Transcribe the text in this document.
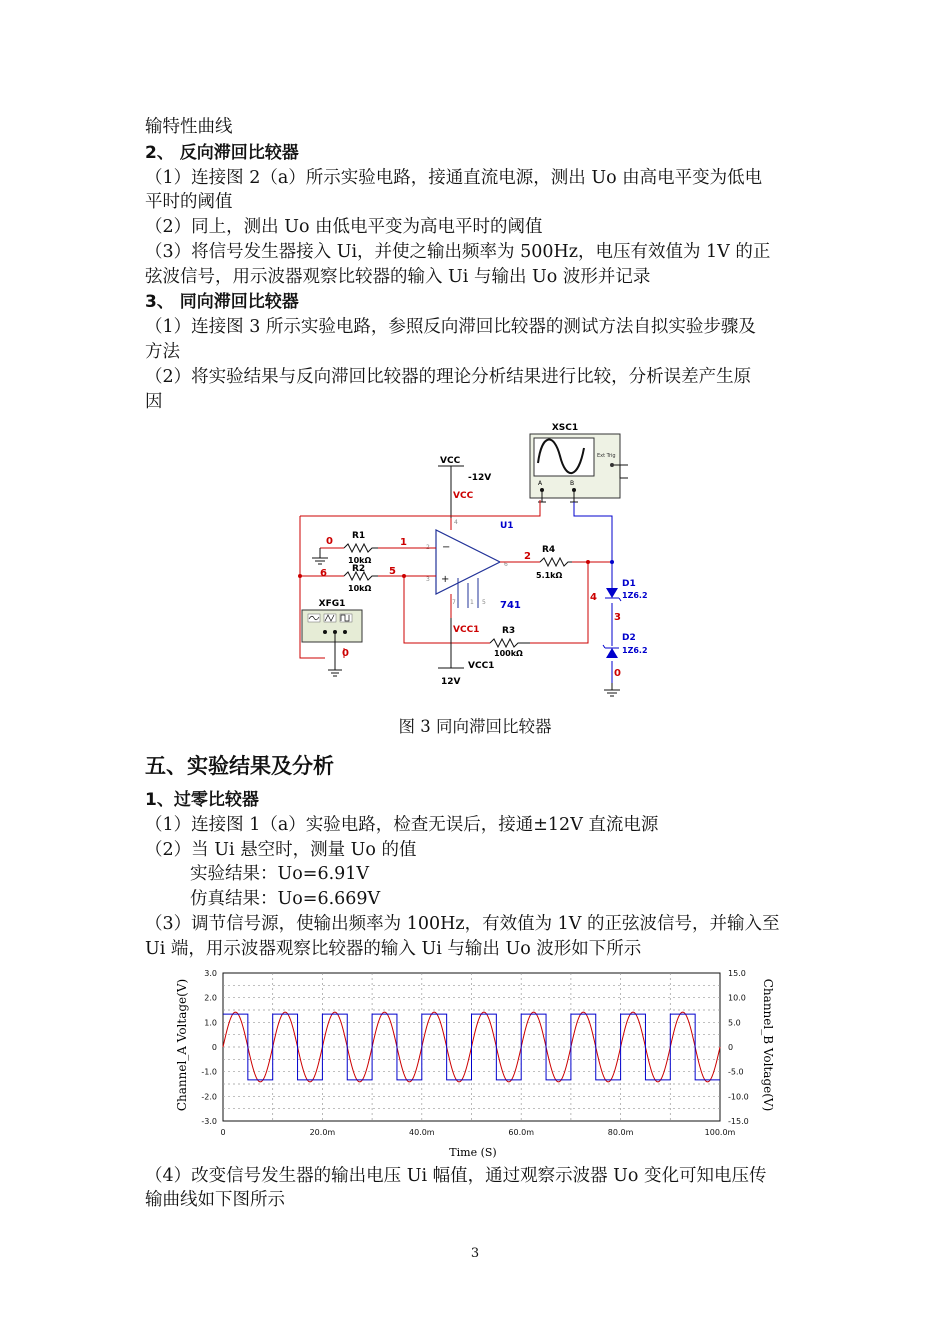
输特性曲线
2、 反向滞回比较器
（1）连接图 2（a）所示实验电路，接通直流电源，测出 Uo 由高电平变为低电
平时的阈值
（2）同上，测出 Uo 由低电平变为高电平时的阈值
（3）将信号发生器接入 Ui，并使之输出频率为 500Hz，电压有效值为 1V 的正
弦波信号，用示波器观察比较器的输入 Ui 与输出 Uo 波形并记录
3、 同向滞回比较器
（1）连接图 3 所示实验电路，参照反向滞回比较器的测试方法自拟实验步骤及
方法
（2）将实验结果与反向滞回比较器的理论分析结果进行比较，分析误差产生原
因
XSC1
Ext Trig
A	B
VCC
-12V
VCC
U1
4
−
+
2
3
6
7 1 5 741
R1
10kΩ
R2
10kΩ
R4
5.1kΩ
R3
100kΩ
D1
1Z6.2
D2
1Z6.2
0	1
6	5
2
4
3
0
0
VCC1
XFG1
VCC1
12V
图 3 同向滞回比较器
五、实验结果及分析
1、过零比较器
（1）连接图 1（a）实验电路，检查无误后，接通±12V 直流电源
（2）当 Ui 悬空时，测量 Uo 的值
实验结果：Uo=6.91V
仿真结果：Uo=6.669V
（3）调节信号源，使输出频率为 100Hz，有效值为 1V 的正弦波信号，并输入至
Ui 端，用示波器观察比较器的输入 Ui 与输出 Uo 波形如下所示
0	20.0m	40.0m	60.0m	80.0m	100.0m
3.0
2.0
1.0
0
-1.0
-2.0
-3.0
15.0
10.0
5.0
0
-5.0
-10.0
-15.0
Channel_A Voltage(V)	Channel_B Voltage(V)
Time (S)
（4）改变信号发生器的输出电压 Ui 幅值，通过观察示波器 Uo 变化可知电压传
输曲线如下图所示
3
